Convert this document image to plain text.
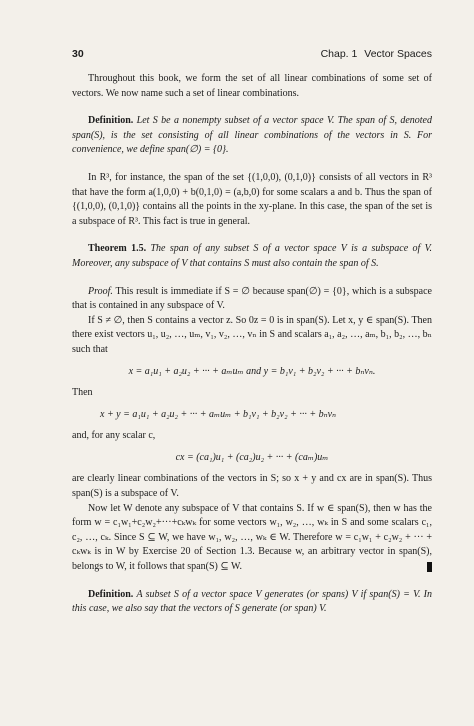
30	Chap. 1 Vector Spaces

Throughout this book, we form the set of all linear combinations of some set of vectors. We now name such a set of linear combinations.

Definition. Let S be a nonempty subset of a vector space V. The span of S, denoted span(S), is the set consisting of all linear combinations of the vectors in S. For convenience, we define span(∅) = {0}.

In R³, for instance, the span of the set {(1,0,0), (0,1,0)} consists of all vectors in R³ that have the form a(1,0,0) + b(0,1,0) = (a,b,0) for some scalars a and b. Thus the span of {(1,0,0), (0,1,0)} contains all the points in the xy-plane. In this case, the span of the set is a subspace of R³. This fact is true in general.

Theorem 1.5. The span of any subset S of a vector space V is a subspace of V. Moreover, any subspace of V that contains S must also contain the span of S.

Proof. This result is immediate if S = ∅ because span(∅) = {0}, which is a subspace that is contained in any subspace of V.

If S ≠ ∅, then S contains a vector z. So 0z = 0 is in span(S). Let x, y ∈ span(S). Then there exist vectors u₁, u₂, …, uₘ, v₁, v₂, …, vₙ in S and scalars a₁, a₂, …, aₘ, b₁, b₂, …, bₙ such that

x = a₁u₁ + a₂u₂ + ··· + aₘuₘ and y = b₁v₁ + b₂v₂ + ··· + bₙvₙ.

Then

x + y = a₁u₁ + a₂u₂ + ··· + aₘuₘ + b₁v₁ + b₂v₂ + ··· + bₙvₙ

and, for any scalar c,

cx = (ca₁)u₁ + (ca₂)u₂ + ··· + (caₘ)uₘ

are clearly linear combinations of the vectors in S; so x + y and cx are in span(S). Thus span(S) is a subspace of V.

Now let W denote any subspace of V that contains S. If w ∈ span(S), then w has the form w = c₁w₁+c₂w₂+···+cₖwₖ for some vectors w₁, w₂, …, wₖ in S and some scalars c₁, c₂, …, cₖ. Since S ⊆ W, we have w₁, w₂, …, wₖ ∈ W. Therefore w = c₁w₁ + c₂w₂ + ··· + cₖwₖ is in W by Exercise 20 of Section 1.3. Because w, an arbitrary vector in span(S), belongs to W, it follows that span(S) ⊆ W.

Definition. A subset S of a vector space V generates (or spans) V if span(S) = V. In this case, we also say that the vectors of S generate (or span) V.
